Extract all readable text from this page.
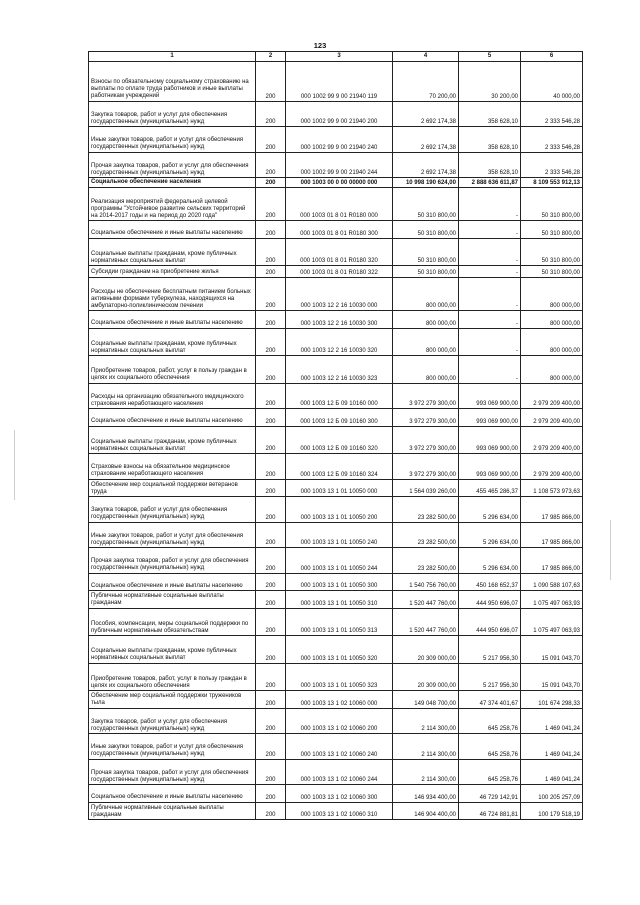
123
1	2	3	4	5	6
Взносы по обязательному социальному страхованию на выплаты по оплате труда работников и иные выплаты работникам учреждений	200	000 1002 99 9 00 21940 119	70 200,00	30 200,00	40 000,00
Закупка товаров, работ и услуг для обеспечения государственных (муниципальных) нужд	200	000 1002 99 9 00 21940 200	2 692 174,38	358 628,10	2 333 546,28
Иные закупки товаров, работ и услуг для обеспечения государственных (муниципальных) нужд	200	000 1002 99 9 00 21940 240	2 692 174,38	358 628,10	2 333 546,28
Прочая закупка товаров, работ и услуг для обеспечения государственных (муниципальных) нужд	200	000 1002 99 9 00 21940 244	2 692 174,38	358 628,10	2 333 546,28
Социальное обеспечение населения	200	000 1003 00 0 00 00000 000	10 998 190 624,00	2 888 636 611,87	8 109 553 912,13
Реализация мероприятий федеральной целевой программы "Устойчивое развитие сельских территорий на 2014-2017 годы и на период до 2020 года"	200	000 1003 01 8 01 R0180 000	50 310 800,00	-	50 310 800,00
Социальное обеспечение и иные выплаты населению	200	000 1003 01 8 01 R0180 300	50 310 800,00	-	50 310 800,00
Социальные выплаты гражданам, кроме публичных нормативных социальных выплат	200	000 1003 01 8 01 R0180 320	50 310 800,00	-	50 310 800,00
Субсидии гражданам на приобретение жилья	200	000 1003 01 8 01 R0180 322	50 310 800,00	-	50 310 800,00
Расходы не обеспечение бесплатным питанием больных активными формами туберкулеза, находящихся на амбулаторно-поликлиническом печении	200	000 1003 12 2 16 10030 000	800 000,00	-	800 000,00
Социальное обеспечение и иные выплаты населению	200	000 1003 12 2 16 10030 300	800 000,00	-	800 000,00
Социальные выплаты гражданам, кроме публичных нормативных социальных выплат	200	000 1003 12 2 16 10030 320	800 000,00	-	800 000,00
Приобретение товаров, работ, услуг в пользу граждан в целях их социального обеспечения	200	000 1003 12 2 16 10030 323	800 000,00	-	800 000,00
Расходы на организацию обязательного медицинского страхования неработающего населения	200	000 1003 12 Б 09 10160 000	3 972 279 300,00	993 069 900,00	2 979 209 400,00
Социальное обеспечение и иные выплаты населению	200	000 1003 12 Б 09 10160 300	3 972 279 300,00	993 069 900,00	2 979 209 400,00
Социальные выплаты гражданам, кроме публичных нормативных социальных выплат	200	000 1003 12 Б 09 10160 320	3 972 279 300,00	993 069 900,00	2 979 209 400,00
Страховые взносы на обязательное медицинское страхование неработающего населения	200	000 1003 12 Б 09 10160 324	3 972 279 300,00	993 069 900,00	2 979 209 400,00
Обеспечение мер социальной поддержки ветеранов труда	200	000 1003 13 1 01 10050 000	1 564 039 260,00	455 465 286,37	1 108 573 973,63
Закупка товаров, работ и услуг для обеспечения государственных (муниципальных) нужд	200	000 1003 13 1 01 10050 200	23 282 500,00	5 296 634,00	17 985 866,00
Иные закупки товаров, работ и услуг для обеспечения государственных (муниципальных) нужд	200	000 1003 13 1 01 10050 240	23 282 500,00	5 296 634,00	17 985 866,00
Прочая закупка товаров, работ и услуг для обеспечения государственных (муниципальных) нужд	200	000 1003 13 1 01 10050 244	23 282 500,00	5 296 634,00	17 985 866,00
Социальное обеспечение и иные выплаты населению	200	000 1003 13 1 01 10050 300	1 540 756 760,00	450 168 652,37	1 090 588 107,63
Публичные нормативные социальные выплаты гражданам	200	000 1003 13 1 01 10050 310	1 520 447 760,00	444 950 696,07	1 075 497 063,93
Пособия, компенсации, меры социальной поддержки по публичным нормативным обязательствам	200	000 1003 13 1 01 10050 313	1 520 447 760,00	444 950 696,07	1 075 497 063,93
Социальные выплаты гражданам, кроме публичных нормативных социальных выплат	200	000 1003 13 1 01 10050 320	20 309 000,00	5 217 956,30	15 091 043,70
Приобретение товаров, работ, услуг в пользу граждан в целях их социального обеспечения	200	000 1003 13 1 01 10050 323	20 309 000,00	5 217 956,30	15 091 043,70
Обеспечение мер социальной поддержки тружеников тыла	200	000 1003 13 1 02 10060 000	149 048 700,00	47 374 401,67	101 674 298,33
Закупка товаров, работ и услуг для обеспечения государственных (муниципальных) нужд	200	000 1003 13 1 02 10060 200	2 114 300,00	645 258,76	1 469 041,24
Иные закупки товаров, работ и услуг для обеспечения государственных (муниципальных) нужд	200	000 1003 13 1 02 10060 240	2 114 300,00	645 258,76	1 469 041,24
Прочая закупка товаров, работ и услуг для обеспечения государственных (муниципальных) нужд	200	000 1003 13 1 02 10060 244	2 114 300,00	645 258,76	1 469 041,24
Социальное обеспечение и иные выплаты населению	200	000 1003 13 1 02 10060 300	146 934 400,00	46 729 142,91	100 205 257,09
Публичные нормативные социальные выплаты гражданам	200	000 1003 13 1 02 10060 310	146 904 400,00	46 724 881,81	100 179 518,19
